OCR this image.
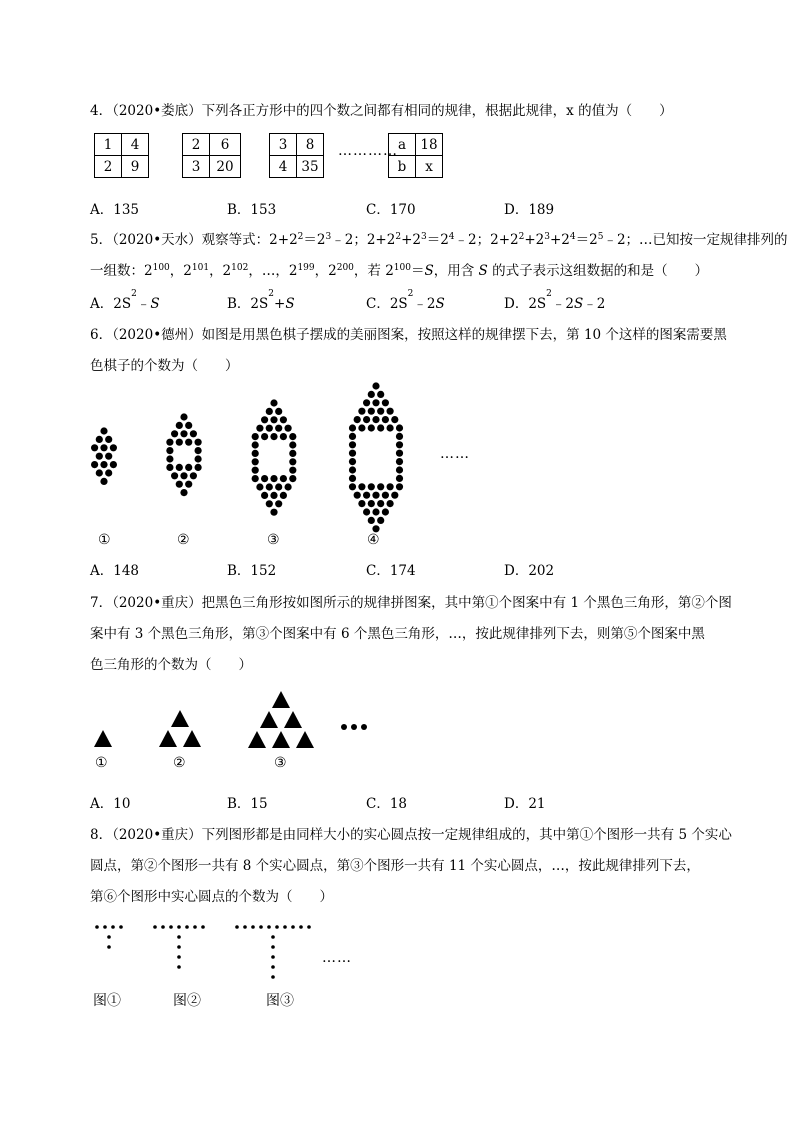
4．（2020•娄底）下列各正方形中的四个数之间都有相同的规律，根据此规律，x 的值为（　　）
1	4
2	9
2	6
3	20
3	8
4	35
………… a	18
b	x
A．135	B．153	C．170	D．189
5．（2020•天水）观察等式：$2+2^2=2^3﹣2$；$2+2^2+2^3=2^4﹣2$；$2+2^2+2^3+2^4=2^5﹣2$；…已知按一定规律排列的
一组数：$2^{100}$，$2^{101}$，$2^{102}$，…，$2^{199}$，$2^{200}$，若 $2^{100}=S$，用含 S 的式子表示这组数据的和是（　　）
A．$2S^2﹣S$	B．$2S^2+S$	C．$2S^2﹣2S$	D．$2S^2﹣2S﹣2$
6．（2020•德州）如图是用黑色棋子摆成的美丽图案，按照这样的规律摆下去，第 10 个这样的图案需要黑
色棋子的个数为（　　）
①	②	③	④
……
A．148	B．152	C．174	D．202
7．（2020•重庆）把黑色三角形按如图所示的规律拼图案，其中第①个图案中有 1 个黑色三角形，第②个图
案中有 3 个黑色三角形，第③个图案中有 6 个黑色三角形，…，按此规律排列下去，则第⑤个图案中黑
色三角形的个数为（　　）
①	②	③
A．10	B．15	C．18	D．21
8．（2020•重庆）下列图形都是由同样大小的实心圆点按一定规律组成的，其中第①个图形一共有 5 个实心
圆点，第②个图形一共有 8 个实心圆点，第③个图形一共有 11 个实心圆点，…，按此规律排列下去，
第⑥个图形中实心圆点的个数为（　　）
……
图①	图②	图③
